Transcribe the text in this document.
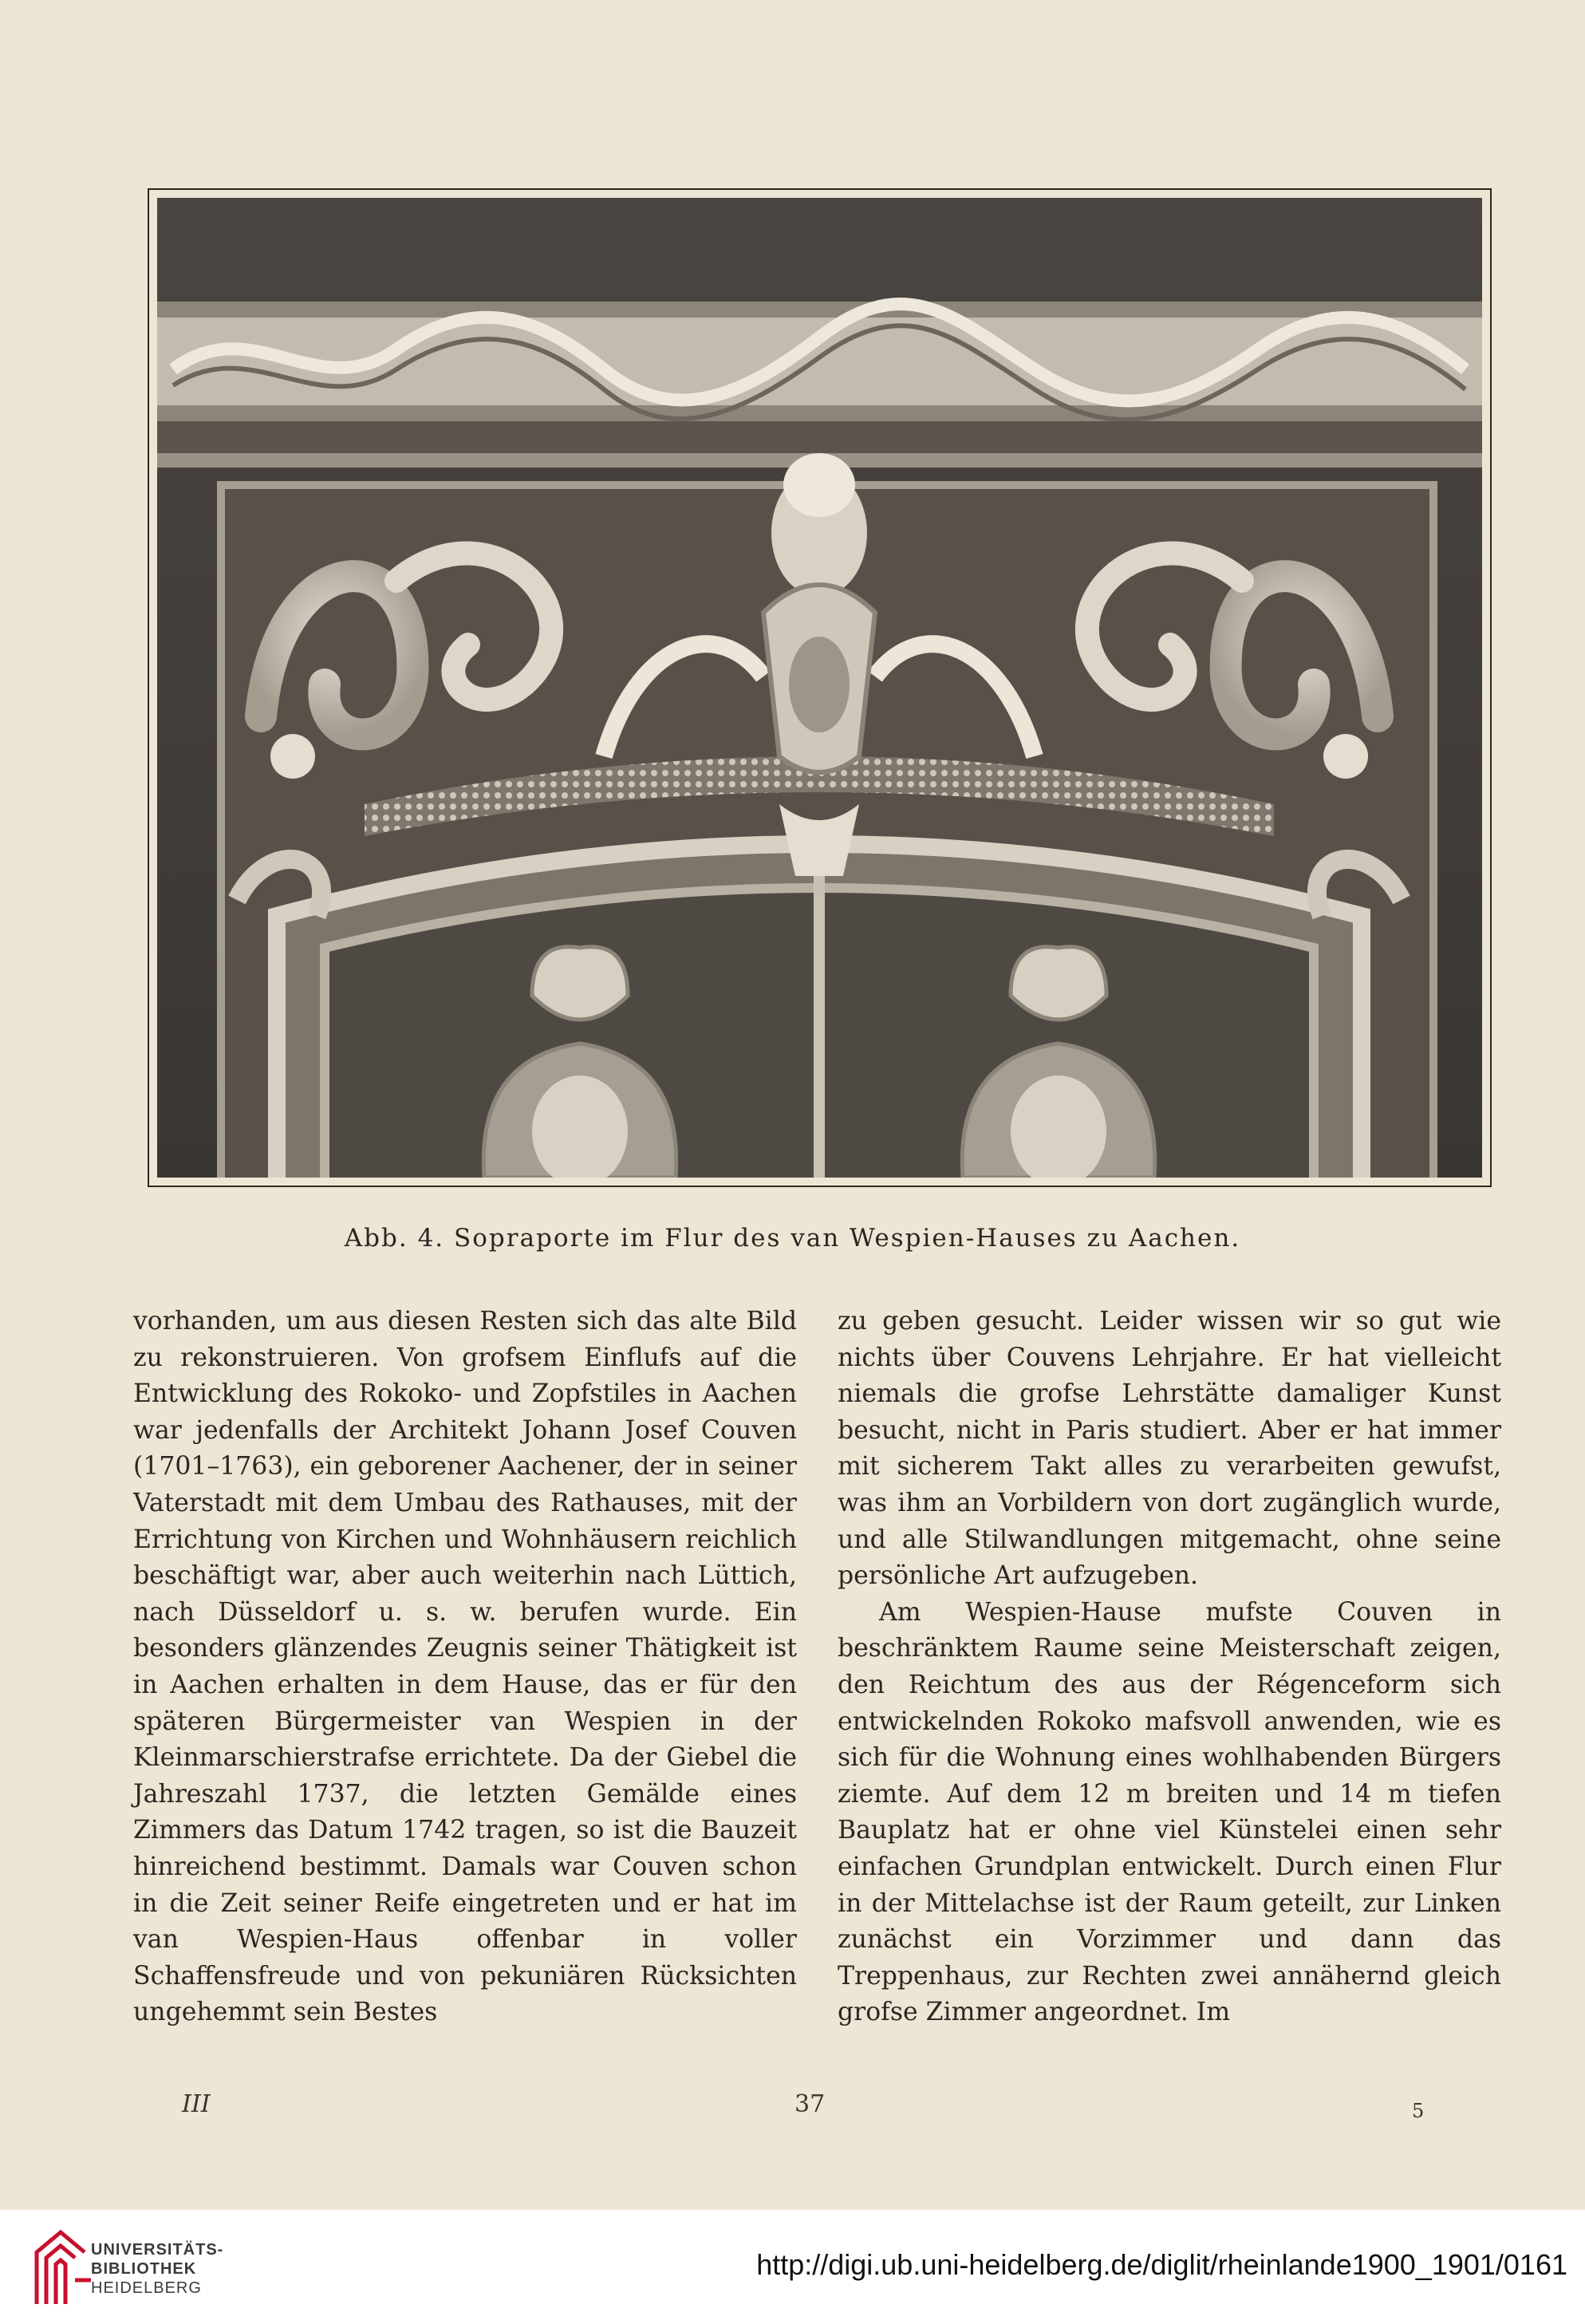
Abb. 4. Sopraporte im Flur des van Wespien-Hauses zu Aachen.

vorhanden, um aus diesen Resten sich das alte Bild zu rekonstruieren. Von grofsem Einflufs auf die Entwicklung des Rokoko- und Zopfstiles in Aachen war jedenfalls der Architekt Johann Josef Couven (1701–1763), ein geborener Aachener, der in seiner Vaterstadt mit dem Umbau des Rathauses, mit der Errichtung von Kirchen und Wohnhäusern reichlich beschäftigt war, aber auch weiterhin nach Lüttich, nach Düsseldorf u. s. w. berufen wurde. Ein besonders glänzendes Zeugnis seiner Thätigkeit ist in Aachen erhalten in dem Hause, das er für den späteren Bürgermeister van Wespien in der Kleinmarschierstrafse errichtete. Da der Giebel die Jahreszahl 1737, die letzten Gemälde eines Zimmers das Datum 1742 tragen, so ist die Bauzeit hinreichend bestimmt. Damals war Couven schon in die Zeit seiner Reife eingetreten und er hat im van Wespien-Haus offenbar in voller Schaffensfreude und von pekuniären Rücksichten ungehemmt sein Bestes

zu geben gesucht. Leider wissen wir so gut wie nichts über Couvens Lehrjahre. Er hat vielleicht niemals die grofse Lehrstätte damaliger Kunst besucht, nicht in Paris studiert. Aber er hat immer mit sicherem Takt alles zu verarbeiten gewufst, was ihm an Vorbildern von dort zugänglich wurde, und alle Stilwandlungen mitgemacht, ohne seine persönliche Art aufzugeben.

Am Wespien-Hause mufste Couven in beschränktem Raume seine Meisterschaft zeigen, den Reichtum des aus der Régenceform sich entwickelnden Rokoko mafsvoll anwenden, wie es sich für die Wohnung eines wohlhabenden Bürgers ziemte. Auf dem 12 m breiten und 14 m tiefen Bauplatz hat er ohne viel Künstelei einen sehr einfachen Grundplan entwickelt. Durch einen Flur in der Mittelachse ist der Raum geteilt, zur Linken zunächst ein Vorzimmer und dann das Treppenhaus, zur Rechten zwei annähernd gleich grofse Zimmer angeordnet. Im

III	37	5
UNIVERSITÄTS-
BIBLIOTHEK
HEIDELBERG
http://digi.ub.uni-heidelberg.de/diglit/rheinlande1900_1901/0161
